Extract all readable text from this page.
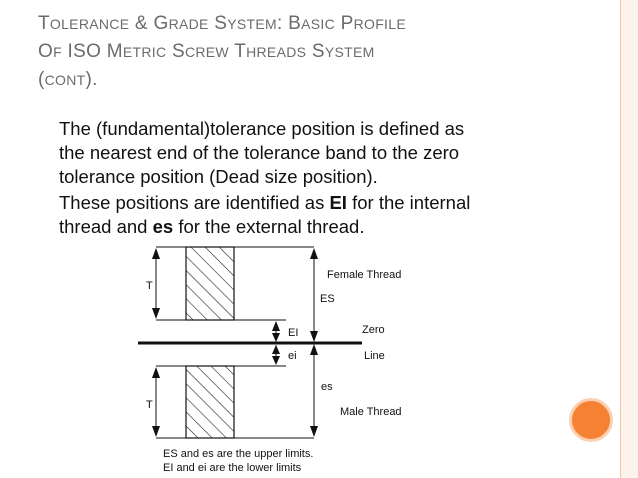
TOLERANCE & GRADE SYSTEM: BASIC PROFILE
OF ISO METRIC SCREW THREADS SYSTEM
(CONT).
The (fundamental)tolerance position is defined as
the nearest end of the tolerance band to the zero
tolerance position (Dead size position).
These positions are identified as EI for the internal
thread and es for the external thread.
T
T
Female Thread
ES
EI	Zero
ei	Line
es
Male Thread
ES and es are the upper limits.
EI and ei are the lower limits
